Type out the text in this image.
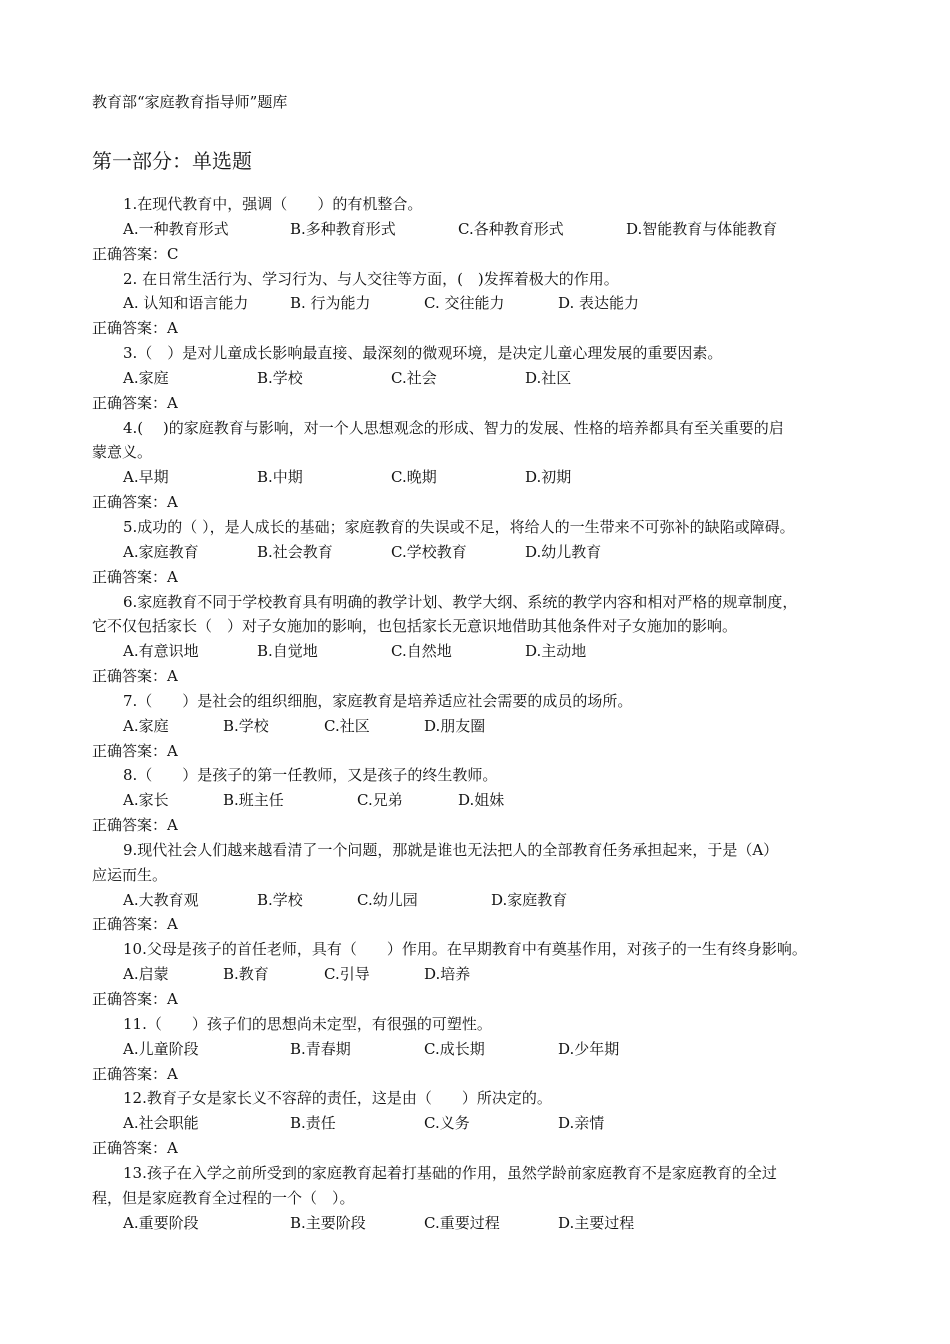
教育部“家庭教育指导师”题库
第一部分：单选题
1.在现代教育中，强调（　　）的有机整合。
A.一种教育形式	B.多种教育形式	C.各种教育形式	D.智能教育与体能教育
正确答案：C
2. 在日常生活行为、学习行为、与人交往等方面，(　)发挥着极大的作用。
A. 认知和语言能力	B. 行为能力	C. 交往能力	D. 表达能力
正确答案：A
3.（　）是对儿童成长影响最直接、最深刻的微观环境，是决定儿童心理发展的重要因素。
A.家庭	B.学校	C.社会	D.社区
正确答案：A
4.(　 )的家庭教育与影响，对一个人思想观念的形成、智力的发展、性格的培养都具有至关重要的启
蒙意义。
A.早期	B.中期	C.晚期	D.初期
正确答案：A
5.成功的（ ），是人成长的基础；家庭教育的失误或不足，将给人的一生带来不可弥补的缺陷或障碍。
A.家庭教育	B.社会教育	C.学校教育	D.幼儿教育
正确答案：A
6.家庭教育不同于学校教育具有明确的教学计划、教学大纲、系统的教学内容和相对严格的规章制度，
它不仅包括家长（　）对子女施加的影响，也包括家长无意识地借助其他条件对子女施加的影响。
A.有意识地	B.自觉地	C.自然地	D.主动地
正确答案：A
7.（　　）是社会的组织细胞，家庭教育是培养适应社会需要的成员的场所。
A.家庭	B.学校	C.社区	D.朋友圈
正确答案：A
8.（　　）是孩子的第一任教师，又是孩子的终生教师。
A.家长	B.班主任	C.兄弟	D.姐妹
正确答案：A
9.现代社会人们越来越看清了一个问题，那就是谁也无法把人的全部教育任务承担起来，于是（A）
应运而生。
A.大教育观	B.学校	C.幼儿园	D.家庭教育
正确答案：A
10.父母是孩子的首任老师，具有（　　）作用。在早期教育中有奠基作用，对孩子的一生有终身影响。
A.启蒙	B.教育	C.引导	D.培养
正确答案：A
11.（　　）孩子们的思想尚未定型，有很强的可塑性。
A.儿童阶段	B.青春期	C.成长期	D.少年期
正确答案：A
12.教育子女是家长义不容辞的责任，这是由（　　）所决定的。
A.社会职能	B.责任	C.义务	D.亲情
正确答案：A
13.孩子在入学之前所受到的家庭教育起着打基础的作用，虽然学龄前家庭教育不是家庭教育的全过
程，但是家庭教育全过程的一个（　）。
A.重要阶段	B.主要阶段	C.重要过程	D.主要过程
